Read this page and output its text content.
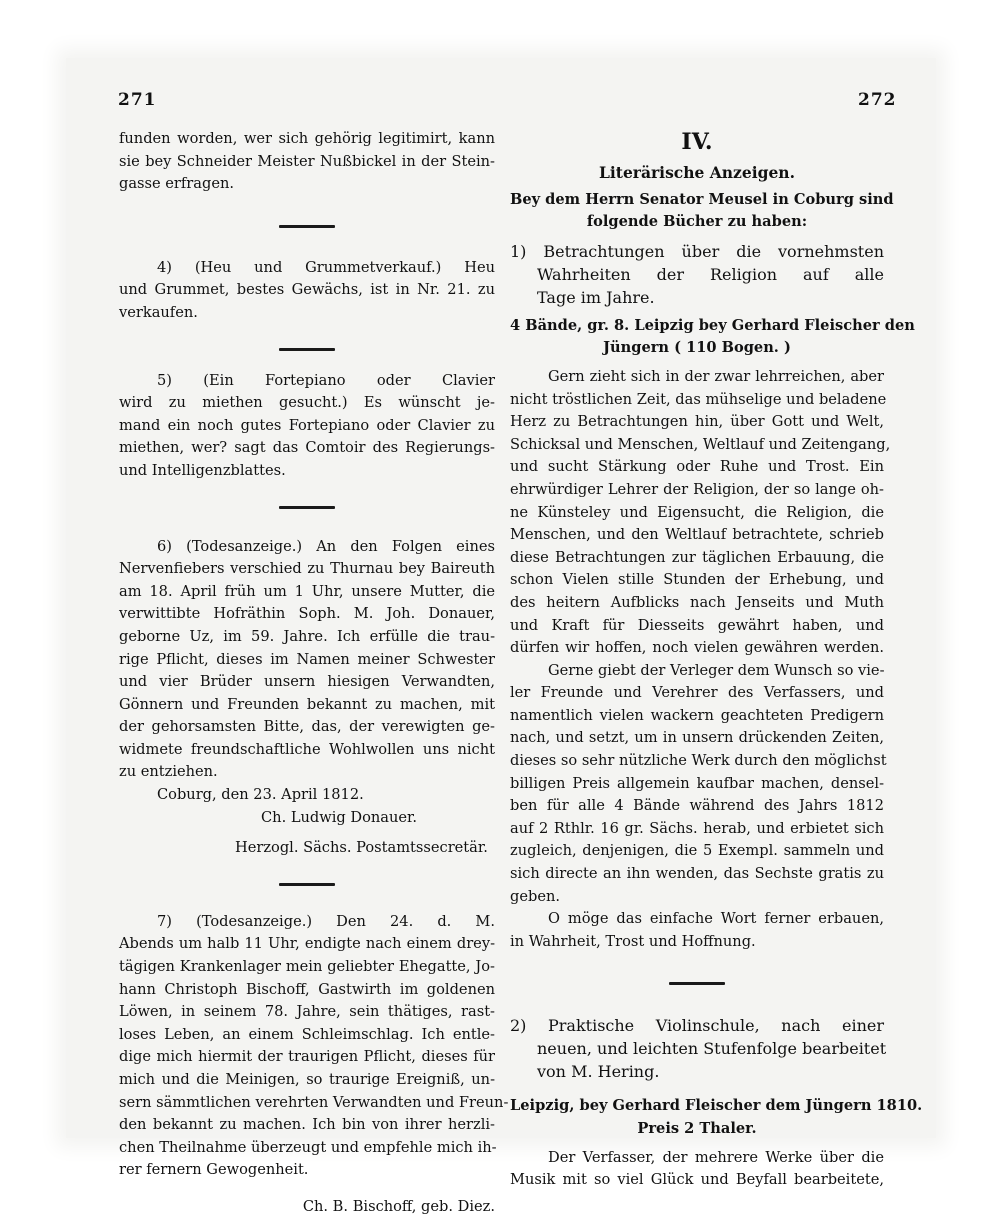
271	272
funden worden, wer sich gehörig legitimirt, kann
sie bey Schneider Meister Nußbickel in der Stein-
gasse erfragen.
4) (Heu und Grummetverkauf.) Heu
und Grummet, bestes Gewächs, ist in Nr. 21. zu
verkaufen.
5) (Ein Fortepiano oder Clavier
wird zu miethen gesucht.) Es wünscht je-
mand ein noch gutes Fortepiano oder Clavier zu
miethen, wer? sagt das Comtoir des Regierungs-
und Intelligenzblattes.
6) (Todesanzeige.) An den Folgen eines
Nervenfiebers verschied zu Thurnau bey Baireuth
am 18. April früh um 1 Uhr, unsere Mutter, die
verwittibte Hofräthin Soph. M. Joh. Donauer,
geborne Uz, im 59. Jahre. Ich erfülle die trau-
rige Pflicht, dieses im Namen meiner Schwester
und vier Brüder unsern hiesigen Verwandten,
Gönnern und Freunden bekannt zu machen, mit
der gehorsamsten Bitte, das, der verewigten ge-
widmete freundschaftliche Wohlwollen uns nicht
zu entziehen.
Coburg, den 23. April 1812.
Ch. Ludwig Donauer.
Herzogl. Sächs. Postamtssecretär.
7) (Todesanzeige.) Den 24. d. M.
Abends um halb 11 Uhr, endigte nach einem drey-
tägigen Krankenlager mein geliebter Ehegatte, Jo-
hann Christoph Bischoff, Gastwirth im goldenen
Löwen, in seinem 78. Jahre, sein thätiges, rast-
loses Leben, an einem Schleimschlag. Ich entle-
dige mich hiermit der traurigen Pflicht, dieses für
mich und die Meinigen, so traurige Ereigniß, un-
sern sämmtlichen verehrten Verwandten und Freun-
den bekannt zu machen. Ich bin von ihrer herzli-
chen Theilnahme überzeugt und empfehle mich ih-
rer fernern Gewogenheit.
Ch. B. Bischoff, geb. Diez.
IV.
Literärische Anzeigen.
Bey dem Herrn Senator Meusel in Coburg sind
folgende Bücher zu haben:
1) Betrachtungen über die vornehmsten
Wahrheiten der Religion auf alle
Tage im Jahre.
4 Bände, gr. 8. Leipzig bey Gerhard Fleischer den
Jüngern ( 110 Bogen. )
Gern zieht sich in der zwar lehrreichen, aber
nicht tröstlichen Zeit, das mühselige und beladene
Herz zu Betrachtungen hin, über Gott und Welt,
Schicksal und Menschen, Weltlauf und Zeitengang,
und sucht Stärkung oder Ruhe und Trost. Ein
ehrwürdiger Lehrer der Religion, der so lange oh-
ne Künsteley und Eigensucht, die Religion, die
Menschen, und den Weltlauf betrachtete, schrieb
diese Betrachtungen zur täglichen Erbauung, die
schon Vielen stille Stunden der Erhebung, und
des heitern Aufblicks nach Jenseits und Muth
und Kraft für Diesseits gewährt haben, und
dürfen wir hoffen, noch vielen gewähren werden.
Gerne giebt der Verleger dem Wunsch so vie-
ler Freunde und Verehrer des Verfassers, und
namentlich vielen wackern geachteten Predigern
nach, und setzt, um in unsern drückenden Zeiten,
dieses so sehr nützliche Werk durch den möglichst
billigen Preis allgemein kaufbar machen, densel-
ben für alle 4 Bände während des Jahrs 1812
auf 2 Rthlr. 16 gr. Sächs. herab, und erbietet sich
zugleich, denjenigen, die 5 Exempl. sammeln und
sich directe an ihn wenden, das Sechste gratis zu
geben.
O möge das einfache Wort ferner erbauen,
in Wahrheit, Trost und Hoffnung.
2) Praktische Violinschule, nach einer
neuen, und leichten Stufenfolge bearbeitet
von M. Hering.
Leipzig, bey Gerhard Fleischer dem Jüngern 1810.
Preis 2 Thaler.
Der Verfasser, der mehrere Werke über die
Musik mit so viel Glück und Beyfall bearbeitete,
